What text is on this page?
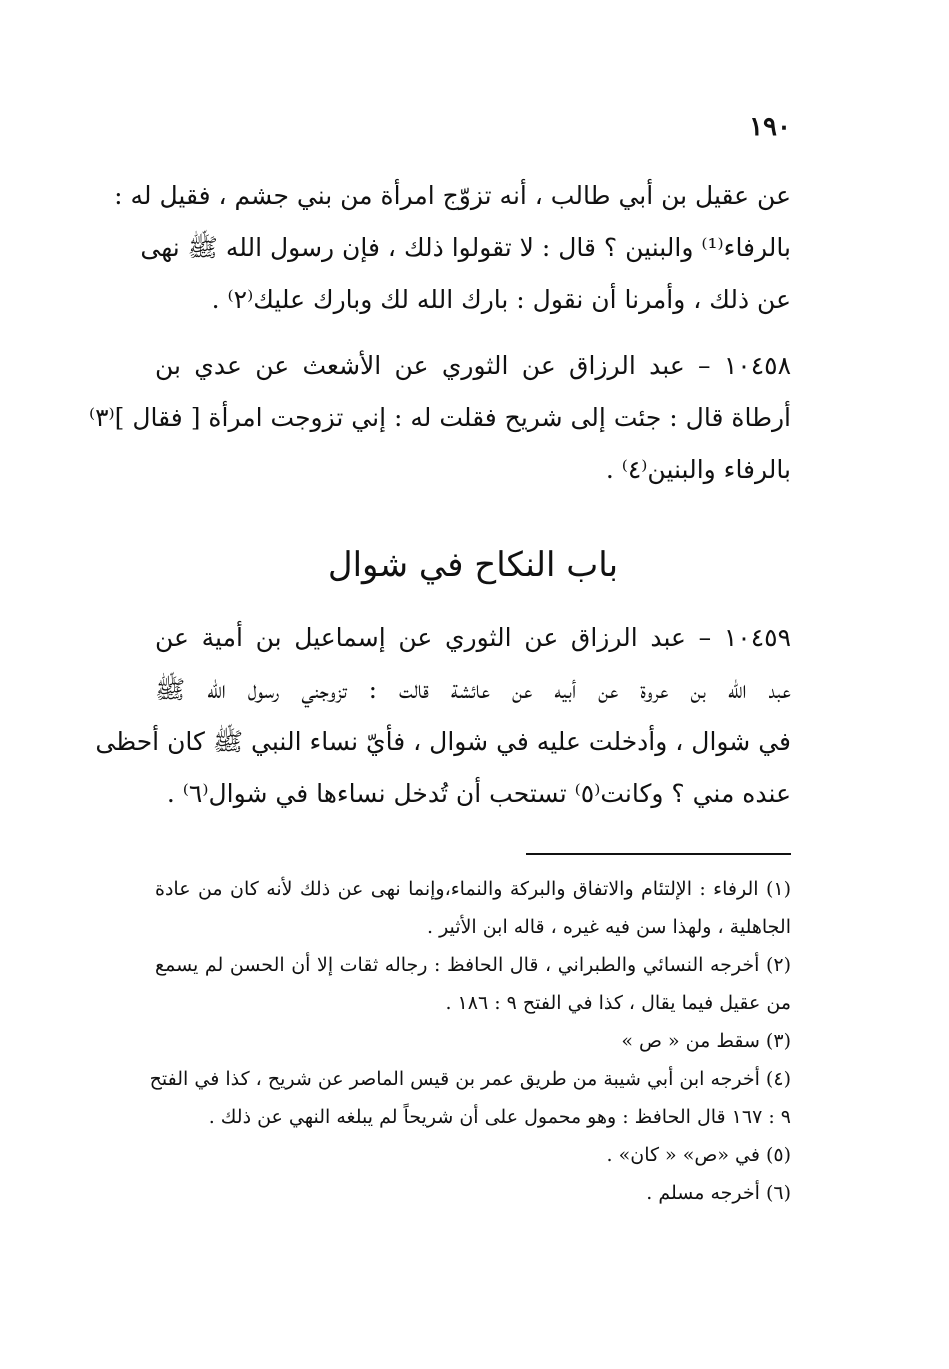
١٩٠
عن عقيل بن أبي طالب ، أنه تزوّج امرأة من بني جشم ، فقيل له :
بالرفاء⁽¹⁾ والبنين ؟ قال : لا تقولوا ذلك ، فإن رسول الله ﷺ نهى
عن ذلك ، وأمرنا أن نقول : بارك الله لك وبارك عليك⁽٢⁾ .
١٠٤٥٨ – عبد الرزاق عن الثوري عن الأشعث عن عدي بن
أرطاة قال : جئت إلى شريح فقلت له : إني تزوجت امرأة [ فقال ]⁽٣⁾
بالرفاء والبنين⁽٤⁾ .
باب النكاح في شوال
١٠٤٥٩ – عبد الرزاق عن الثوري عن إسماعيل بن أمية عن
عبد الله بن عروة عن أبيه عن عائشة قالت : تزوجني رسول الله ﷺ
في شوال ، وأدخلت عليه في شوال ، فأيّ نساء النبي ﷺ كان أحظى
عنده مني ؟ وكانت⁽٥⁾ تستحب أن تُدخل نساءها في شوال⁽٦⁾ .
(١) الرفاء : الإلتئام والاتفاق والبركة والنماء،وإنما نهى عن ذلك لأنه كان من عادة
الجاهلية ، ولهذا سن فيه غيره ، قاله ابن الأثير .
(٢) أخرجه النسائي والطبراني ، قال الحافظ : رجاله ثقات إلا أن الحسن لم يسمع
من عقيل فيما يقال ، كذا في الفتح ٩ : ١٨٦ .
(٣) سقط من « ص »
(٤) أخرجه ابن أبي شيبة من طريق عمر بن قيس الماصر عن شريح ، كذا في الفتح
٩ : ١٦٧ قال الحافظ : وهو محمول على أن شريحاً لم يبلغه النهي عن ذلك .
(٥) في «ص» « كان» .
(٦) أخرجه مسلم .
